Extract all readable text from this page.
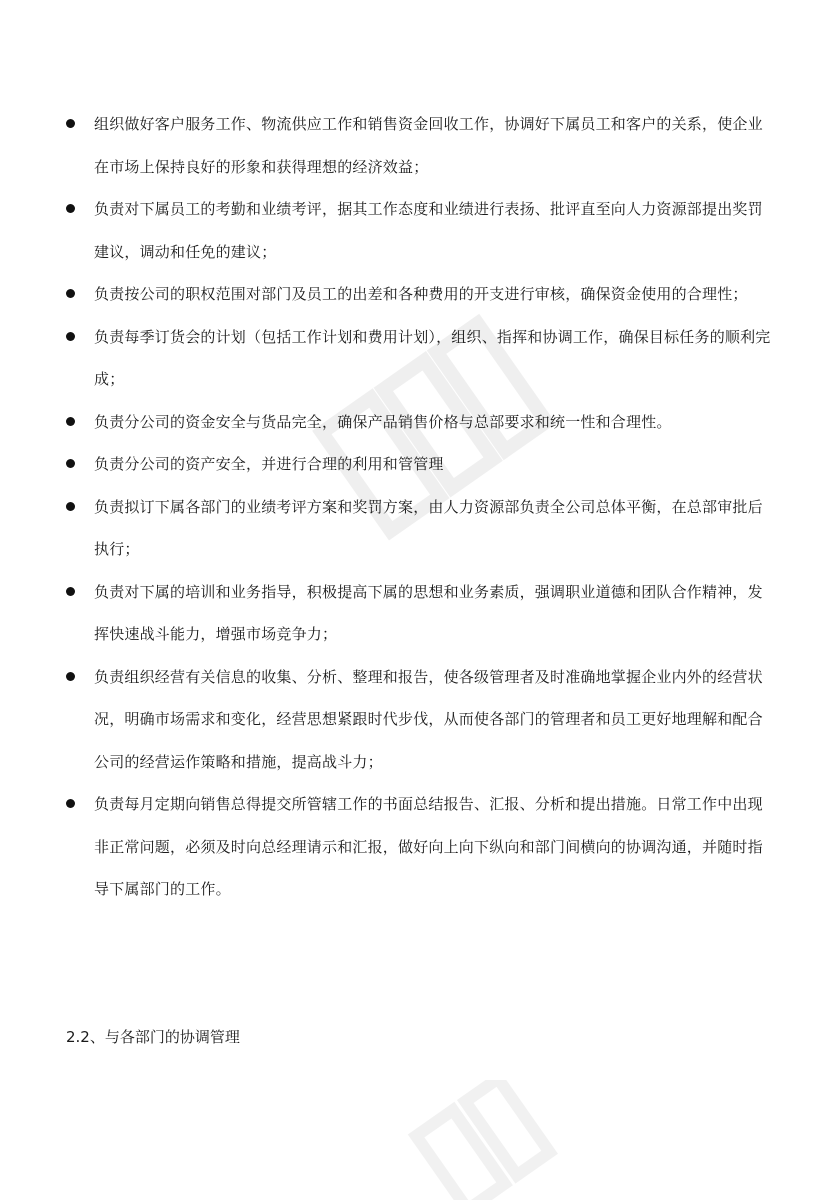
组织做好客户服务工作、物流供应工作和销售资金回收工作，协调好下属员工和客户的关系，使企业在市场上保持良好的形象和获得理想的经济效益；
负责对下属员工的考勤和业绩考评，据其工作态度和业绩进行表扬、批评直至向人力资源部提出奖罚建议，调动和任免的建议；
负责按公司的职权范围对部门及员工的出差和各种费用的开支进行审核，确保资金使用的合理性；
负责每季订货会的计划（包括工作计划和费用计划），组织、指挥和协调工作，确保目标任务的顺利完成；
负责分公司的资金安全与货品完全，确保产品销售价格与总部要求和统一性和合理性。
负责分公司的资产安全，并进行合理的利用和管管理
负责拟订下属各部门的业绩考评方案和奖罚方案，由人力资源部负责全公司总体平衡，在总部审批后执行；
负责对下属的培训和业务指导，积极提高下属的思想和业务素质，强调职业道德和团队合作精神，发挥快速战斗能力，增强市场竞争力；
负责组织经营有关信息的收集、分析、整理和报告，使各级管理者及时准确地掌握企业内外的经营状况，明确市场需求和变化，经营思想紧跟时代步伐，从而使各部门的管理者和员工更好地理解和配合公司的经营运作策略和措施，提高战斗力；
负责每月定期向销售总得提交所管辖工作的书面总结报告、汇报、分析和提出措施。日常工作中出现非正常问题，必须及时向总经理请示和汇报，做好向上向下纵向和部门间横向的协调沟通，并随时指导下属部门的工作。
2.2、与各部门的协调管理
